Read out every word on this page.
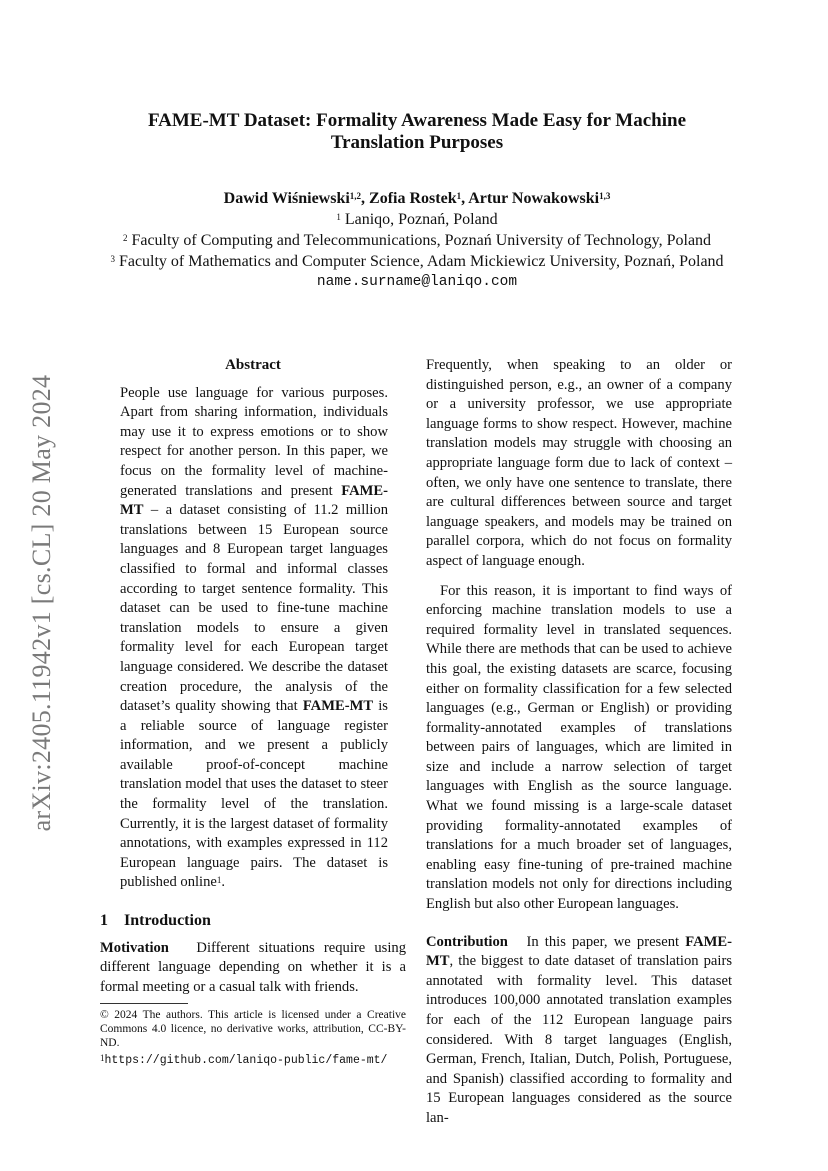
arXiv:2405.11942v1 [cs.CL] 20 May 2024
FAME-MT Dataset: Formality Awareness Made Easy for Machine
Translation Purposes
Dawid Wiśniewski$^{1,2}$, Zofia Rostek$^1$, Artur Nowakowski$^{1,3}$
$^1$ Laniqo, Poznań, Poland
$^2$ Faculty of Computing and Telecommunications, Poznań University of Technology, Poland
$^3$ Faculty of Mathematics and Computer Science, Adam Mickiewicz University, Poznań, Poland
name.surname@laniqo.com

Abstract

People use language for various purposes. Apart from sharing information, individuals may use it to express emotions or to show respect for another person. In this paper, we focus on the formality level of machine-generated translations and present FAME-MT – a dataset consisting of 11.2 million translations between 15 European source languages and 8 European target languages classified to formal and informal classes according to target sentence formality. This dataset can be used to fine-tune machine translation models to ensure a given formality level for each European target language considered. We describe the dataset creation procedure, the analysis of the dataset’s quality showing that FAME-MT is a reliable source of language register information, and we present a publicly available proof-of-concept machine translation model that uses the dataset to steer the formality level of the translation. Currently, it is the largest dataset of formality annotations, with examples expressed in 112 European language pairs. The dataset is published online$^1$.

1 Introduction

Motivation Different situations require using different language depending on whether it is a formal meeting or a casual talk with friends.

© 2024 The authors. This article is licensed under a Creative Commons 4.0 licence, no derivative works, attribution, CC-BY-ND.

$^1$https://github.com/laniqo-public/fame-mt/

Frequently, when speaking to an older or distinguished person, e.g., an owner of a company or a university professor, we use appropriate language forms to show respect. However, machine translation models may struggle with choosing an appropriate language form due to lack of context – often, we only have one sentence to translate, there are cultural differences between source and target language speakers, and models may be trained on parallel corpora, which do not focus on formality aspect of language enough.

For this reason, it is important to find ways of enforcing machine translation models to use a required formality level in translated sequences. While there are methods that can be used to achieve this goal, the existing datasets are scarce, focusing either on formality classification for a few selected languages (e.g., German or English) or providing formality-annotated examples of translations between pairs of languages, which are limited in size and include a narrow selection of target languages with English as the source language. What we found missing is a large-scale dataset providing formality-annotated examples of translations for a much broader set of languages, enabling easy fine-tuning of pre-trained machine translation models not only for directions including English but also other European languages.

Contribution In this paper, we present FAME-MT, the biggest to date dataset of translation pairs annotated with formality level. This dataset introduces 100,000 annotated translation examples for each of the 112 European language pairs considered. With 8 target languages (English, German, French, Italian, Dutch, Polish, Portuguese, and Spanish) classified according to formality and 15 European languages considered as the source lan-
